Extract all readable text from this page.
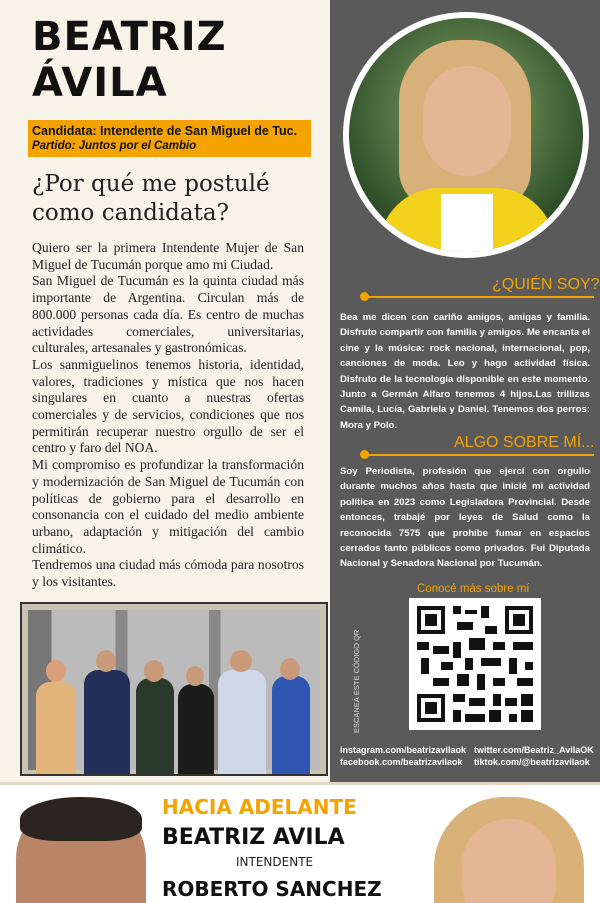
BEATRIZ
ÁVILA
Candidata: Intendente de San Miguel de Tuc.
Partido: Juntos por el Cambio
¿Por qué me postulé
como candidata?

Quiero ser la primera Intendente Mujer de San Miguel de Tucumán porque amo mi Ciudad.

San Miguel de Tucumán es la quinta ciudad más importante de Argentina. Circulan más de 800.000 personas cada día. Es centro de muchas actividades comerciales, universitarias, culturales, artesanales y gastronómicas.

Los sanmiguelinos tenemos historia, identidad, valores, tradiciones y mística que nos hacen singulares en cuanto a nuestras ofertas comerciales y de servicios, condiciones que nos permitirán recuperar nuestro orgullo de ser el centro y faro del NOA.

Mi compromiso es profundizar la transformación y modernización de San Miguel de Tucumán con políticas de gobierno para el desarrollo en consonancia con el cuidado del medio ambiente urbano, adaptación y mitigación del cambio climático.

Tendremos una ciudad más cómoda para nosotros y los visitantes.

¿QUIÉN SOY?
Bea me dicen con cariño amigos, amigas y familia. Disfruto compartir con familia y amigos. Me encanta el cine y la música: rock nacional, internacional, pop, canciones de moda. Leo y hago actividad física. Disfruto de la tecnología disponible en este momento. Junto a Germán Alfaro tenemos 4 hijos.Las trillizas Camila, Lucía, Gabriela y Daniel. Tenemos dos perros: Mora y Polo.
ALGO SOBRE MÍ...
Soy Periodista, profesión que ejercí con orgullo durante muchos años hasta que inicié mi actividad política en 2023 como Legisladora Provincial. Desde entonces, trabajé por leyes de Salud como la reconocida 7575 que prohíbe fumar en espacios cerrados tanto públicos como privados. Fui Diputada Nacional y Senadora Nacional por Tucumán.
Conocé más sobre mí
ESCANEÁ ESTE CÓDIGO QR
instagram.com/beatrizavilaok
facebook.com/beatrizavilaok
twitter.com/Beatriz_AvilaOK
tiktok.com/@beatrizavilaok
HACIA ADELANTE
BEATRIZ AVILA
INTENDENTE
ROBERTO SANCHEZ
